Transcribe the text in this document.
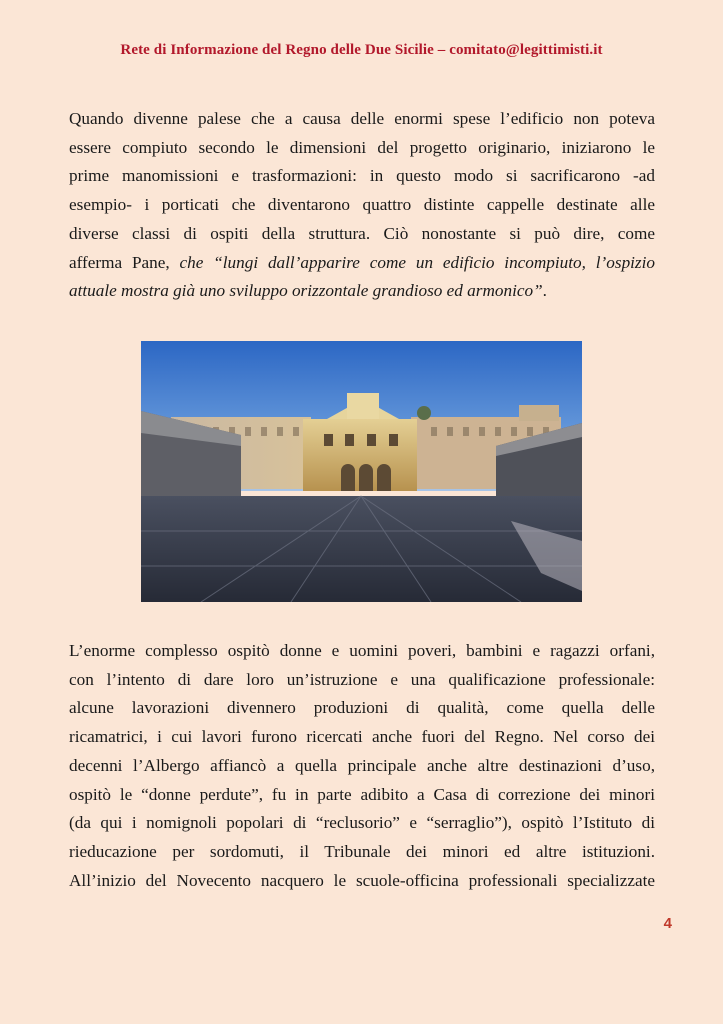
Rete di Informazione del Regno delle Due Sicilie – comitato@legittimisti.it

Quando divenne palese che a causa delle enormi spese l’edificio non poteva
essere compiuto secondo le dimensioni del progetto originario, iniziarono le
prime manomissioni e trasformazioni: in questo modo si sacrificarono -ad
esempio- i porticati che diventarono quattro distinte cappelle destinate alle
diverse classi di ospiti della struttura. Ciò nonostante si può dire, come
afferma Pane, che “lungi dall’apparire come un edificio incompiuto, l’ospizio
attuale mostra già uno sviluppo orizzontale grandioso ed armonico”.

L’enorme complesso ospitò donne e uomini poveri, bambini e ragazzi orfani,
con l’intento di dare loro un’istruzione e una qualificazione professionale:
alcune lavorazioni divennero produzioni di qualità, come quella delle
ricamatrici, i cui lavori furono ricercati anche fuori del Regno. Nel corso dei
decenni l’Albergo affiancò a quella principale anche altre destinazioni d’uso,
ospitò le “donne perdute”, fu in parte adibito a Casa di correzione dei minori
(da qui i nomignoli popolari di “reclusorio” e “serraglio”), ospitò l’Istituto di
rieducazione per sordomuti, il Tribunale dei minori ed altre istituzioni.
All’inizio del Novecento nacquero le scuole-officina professionali specializzate

4
